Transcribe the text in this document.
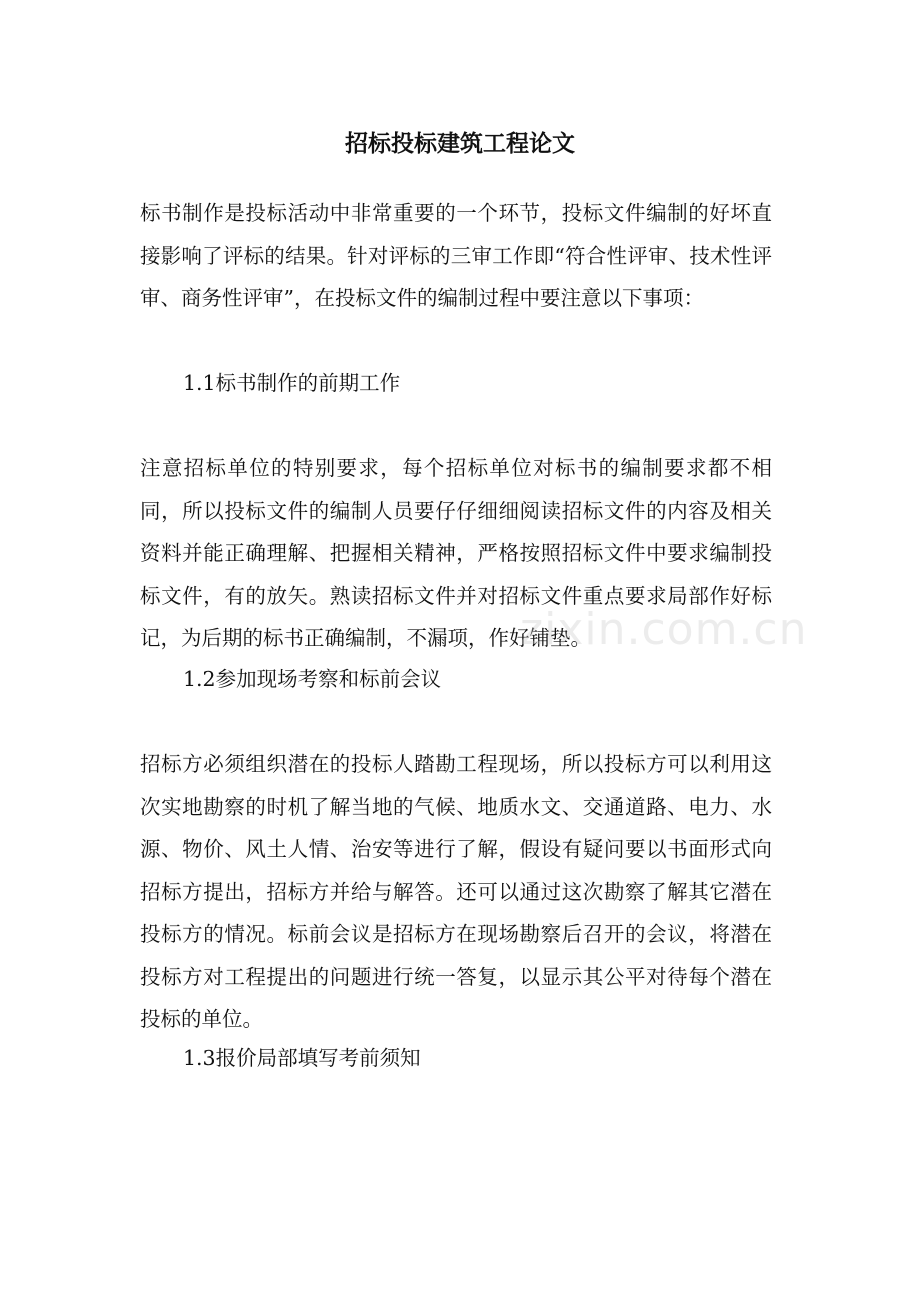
招标投标建筑工程论文

标书制作是投标活动中非常重要的一个环节，投标文件编制的好坏直接影响了评标的结果。针对评标的三审工作即“符合性评审、技术性评审、商务性评审”，在投标文件的编制过程中要注意以下事项：

1.1标书制作的前期工作

注意招标单位的特别要求，每个招标单位对标书的编制要求都不相同，所以投标文件的编制人员要仔仔细细阅读招标文件的内容及相关资料并能正确理解、把握相关精神，严格按照招标文件中要求编制投标文件，有的放矢。熟读招标文件并对招标文件重点要求局部作好标记，为后期的标书正确编制，不漏项，作好铺垫。

1.2参加现场考察和标前会议

招标方必须组织潜在的投标人踏勘工程现场，所以投标方可以利用这次实地勘察的时机了解当地的气候、地质水文、交通道路、电力、水源、物价、风土人情、治安等进行了解，假设有疑问要以书面形式向招标方提出，招标方并给与解答。还可以通过这次勘察了解其它潜在投标方的情况。标前会议是招标方在现场勘察后召开的会议，将潜在投标方对工程提出的问题进行统一答复，以显示其公平对待每个潜在投标的单位。

1.3报价局部填写考前须知

zixin.com.cn
